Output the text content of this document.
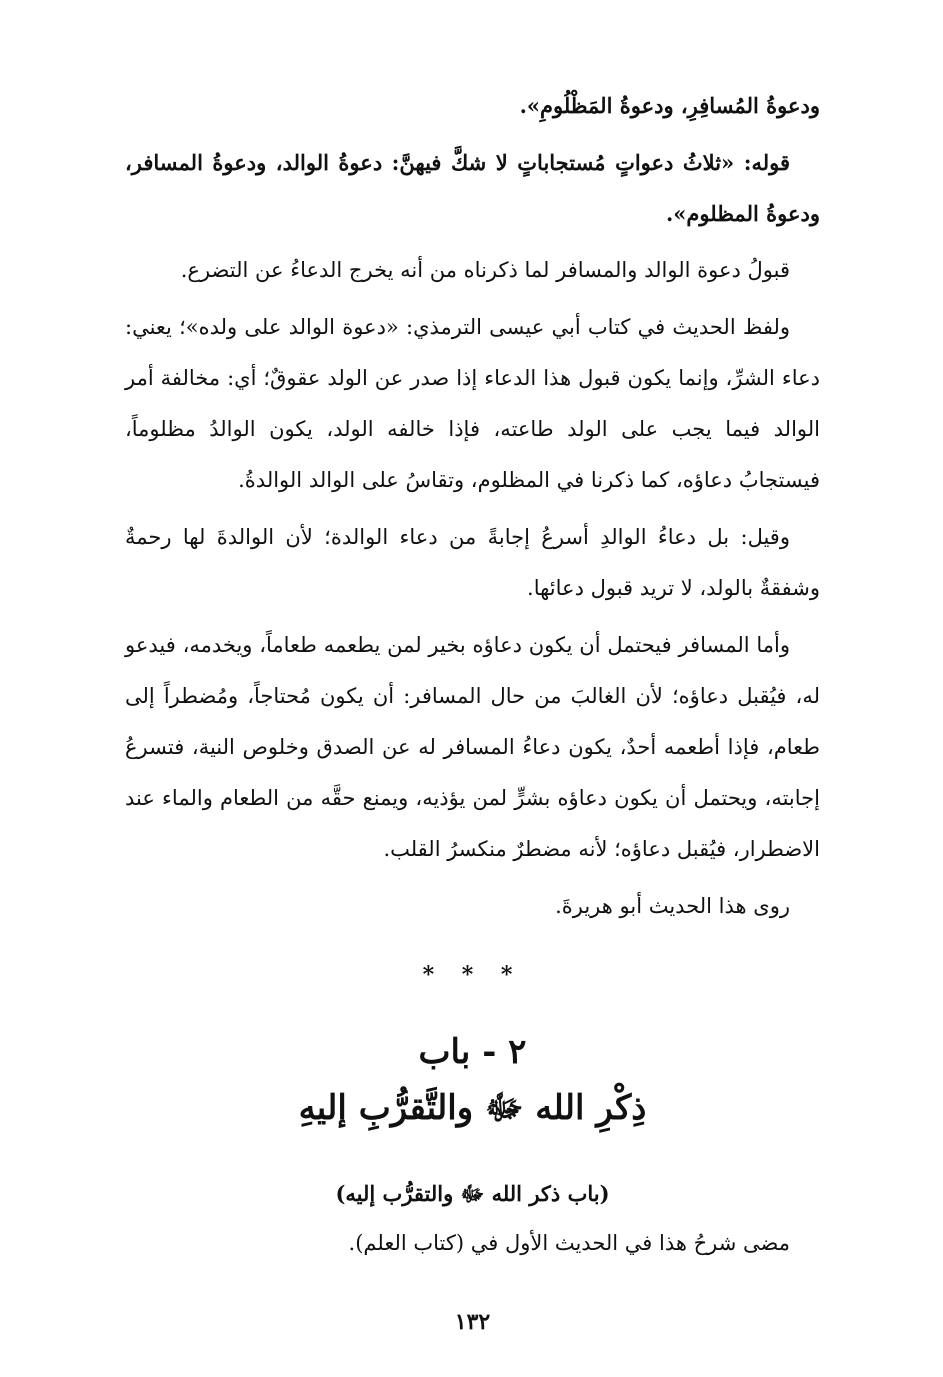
ودعوةُ المُسافِرِ، ودعوةُ المَظْلُومِ».

قوله: «ثلاثُ دعواتٍ مُستجاباتٍ لا شكَّ فيهنَّ: دعوةُ الوالد، ودعوةُ المسافر، ودعوةُ المظلوم».

قبولُ دعوة الوالد والمسافر لما ذكرناه من أنه يخرج الدعاءُ عن التضرع.

ولفظ الحديث في كتاب أبي عيسى الترمذي: «دعوة الوالد على ولده»؛ يعني: دعاء الشرِّ، وإنما يكون قبول هذا الدعاء إذا صدر عن الولد عقوقٌ؛ أي: مخالفة أمر الوالد فيما يجب على الولد طاعته، فإذا خالفه الولد، يكون الوالدُ مظلوماً، فيستجابُ دعاؤه، كما ذكرنا في المظلوم، وتقاسُ على الوالد الوالدةُ.

وقيل: بل دعاءُ الوالدِ أسرعُ إجابةً من دعاء الوالدة؛ لأن الوالدةَ لها رحمةٌ وشفقةٌ بالولد، لا تريد قبول دعائها.

وأما المسافر فيحتمل أن يكون دعاؤه بخير لمن يطعمه طعاماً، ويخدمه، فيدعو له، فيُقبل دعاؤه؛ لأن الغالبَ من حال المسافر: أن يكون مُحتاجاً، ومُضطراً إلى طعام، فإذا أطعمه أحدٌ، يكون دعاءُ المسافر له عن الصدق وخلوص النية، فتسرعُ إجابته، ويحتمل أن يكون دعاؤه بشرٍّ لمن يؤذيه، ويمنع حقَّه من الطعام والماء عند الاضطرار، فيُقبل دعاؤه؛ لأنه مضطرٌ منكسرُ القلب.

روى هذا الحديث أبو هريرةَ.

* * *
٢ - باب
ذِكْرِ الله ﷻ والتَّقرُّبِ إليهِ
(باب ذكر الله ﷻ والتقرُّب إليه)

مضى شرحُ هذا في الحديث الأول في (كتاب العلم).

١٣٢
